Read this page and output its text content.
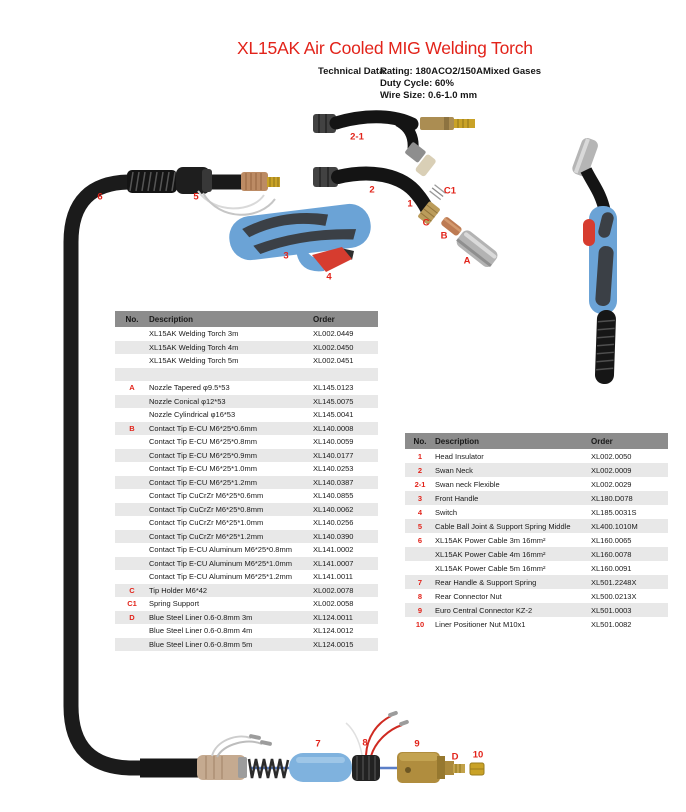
XL15AK Air Cooled MIG Welding Torch
Technical Data:
Rating: 180ACO2/150AMixed Gases
Duty Cycle: 60%
Wire Size: 0.6-1.0 mm
6	5
2-1
2
1
C1
C
B
A
3
4
7	8	9
D 10
No.	Description	Order
XL15AK Welding Torch 3m	XL002.0449
XL15AK Welding Torch 4m	XL002.0450
XL15AK Welding Torch 5m	XL002.0451
A	Nozzle Tapered φ9.5*53	XL145.0123
Nozzle Conical φ12*53	XL145.0075
Nozzle Cylindrical φ16*53	XL145.0041
B	Contact Tip E-CU M6*25*0.6mm	XL140.0008
Contact Tip E-CU M6*25*0.8mm	XL140.0059
Contact Tip E-CU M6*25*0.9mm	XL140.0177
Contact Tip E-CU M6*25*1.0mm	XL140.0253
Contact Tip E-CU M6*25*1.2mm	XL140.0387
Contact Tip CuCrZr M6*25*0.6mm	XL140.0855
Contact Tip CuCrZr M6*25*0.8mm	XL140.0062
Contact Tip CuCrZr M6*25*1.0mm	XL140.0256
Contact Tip CuCrZr M6*25*1.2mm	XL140.0390
Contact Tip E-CU Aluminum M6*25*0.8mm	XL141.0002
Contact Tip E-CU Aluminum M6*25*1.0mm	XL141.0007
Contact Tip E-CU Aluminum M6*25*1.2mm	XL141.0011
C	Tip Holder M6*42	XL002.0078
C1	Spring Support	XL002.0058
D	Blue Steel Liner 0.6-0.8mm 3m	XL124.0011
Blue Steel Liner 0.6-0.8mm 4m	XL124.0012
Blue Steel Liner 0.6-0.8mm 5m	XL124.0015
No.	Description	Order
1	Head Insulator	XL002.0050
2	Swan Neck	XL002.0009
2-1	Swan neck Flexible	XL002.0029
3	Front Handle	XL180.D078
4	Switch	XL185.0031S
5	Cable Ball Joint & Support Spring Middle	XL400.1010M
6	XL15AK Power Cable 3m 16mm²	XL160.0065
XL15AK Power Cable 4m 16mm²	XL160.0078
XL15AK Power Cable 5m 16mm²	XL160.0091
7	Rear Handle & Support Spring	XL501.2248X
8	Rear Connector Nut	XL500.0213X
9	Euro Central Connector KZ-2	XL501.0003
10	Liner Positioner Nut M10x1	XL501.0082
